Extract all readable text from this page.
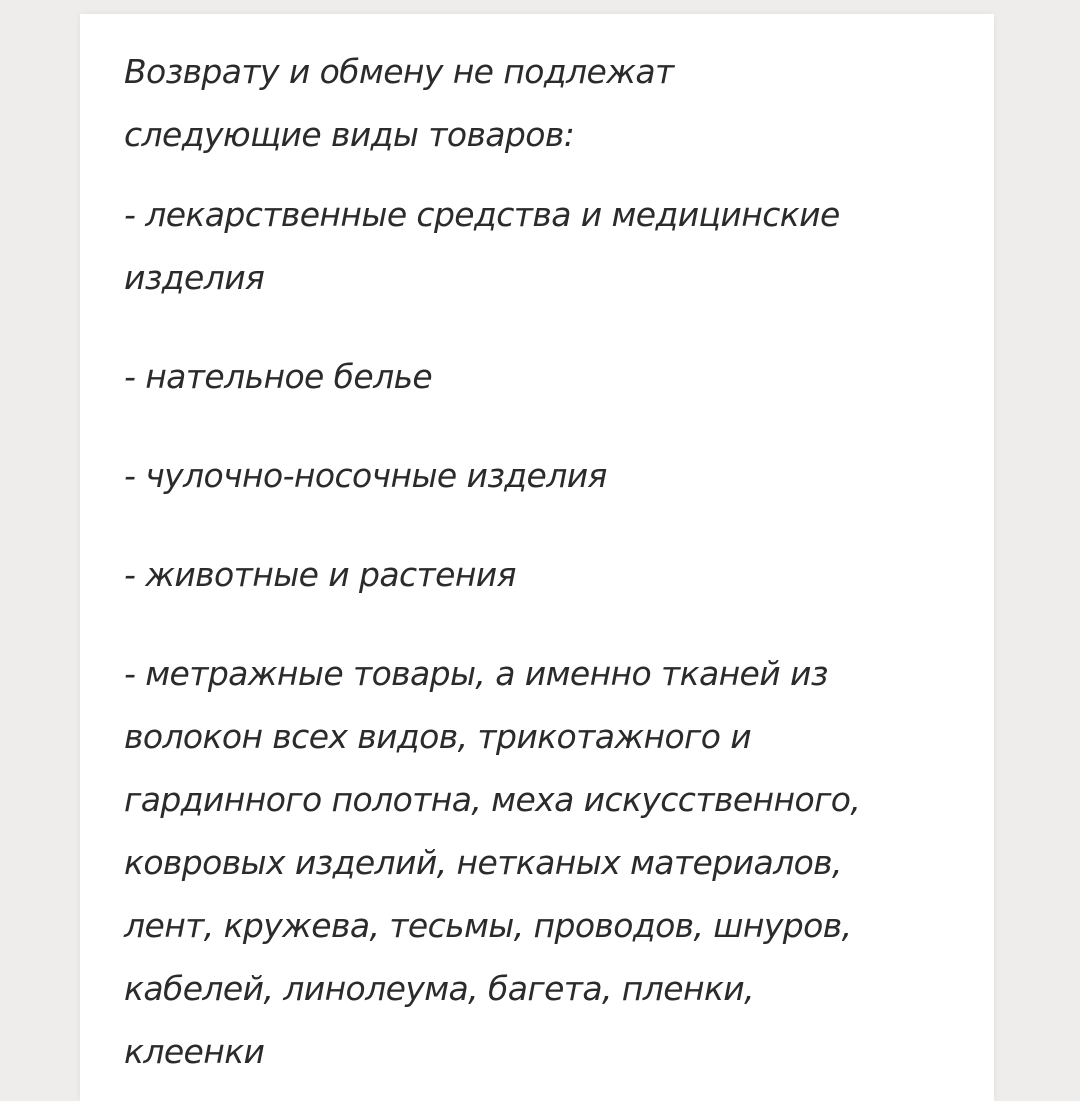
Возврату и обмену не подлежат
следующие виды товаров:
- лекарственные средства и медицинские
изделия
- нательное белье
- чулочно-носочные изделия
- животные и растения
- метражные товары, а именно тканей из
волокон всех видов, трикотажного и
гардинного полотна, меха искусственного,
ковровых изделий, нетканых материалов,
лент, кружева, тесьмы, проводов, шнуров,
кабелей, линолеума, багета, пленки,
клеенки
